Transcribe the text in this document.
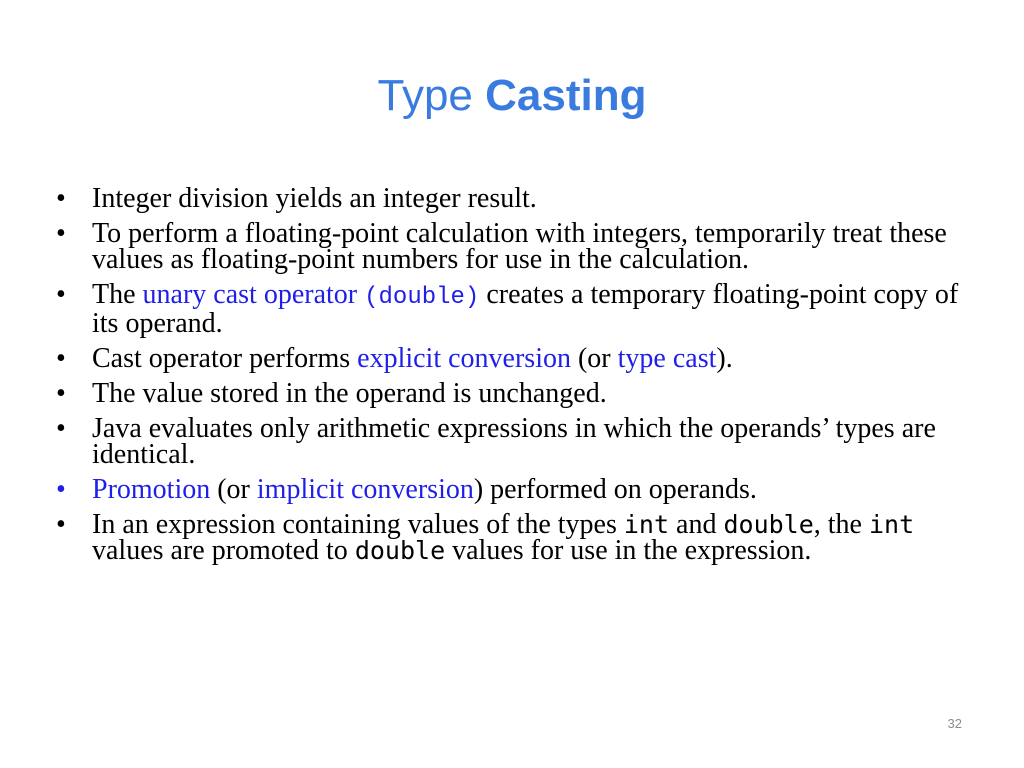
Type Casting
• Integer division yields an integer result.
• To perform a floating-point calculation with integers, temporarily treat these values as floating-point numbers for use in the calculation.
• The unary cast operator (double) creates a temporary floating-point copy of its operand.
• Cast operator performs explicit conversion (or type cast).
• The value stored in the operand is unchanged.
• Java evaluates only arithmetic expressions in which the operands’ types are identical.
• Promotion (or implicit conversion) performed on operands.
• In an expression containing values of the types int and double, the int values are promoted to double values for use in the expression.
32
